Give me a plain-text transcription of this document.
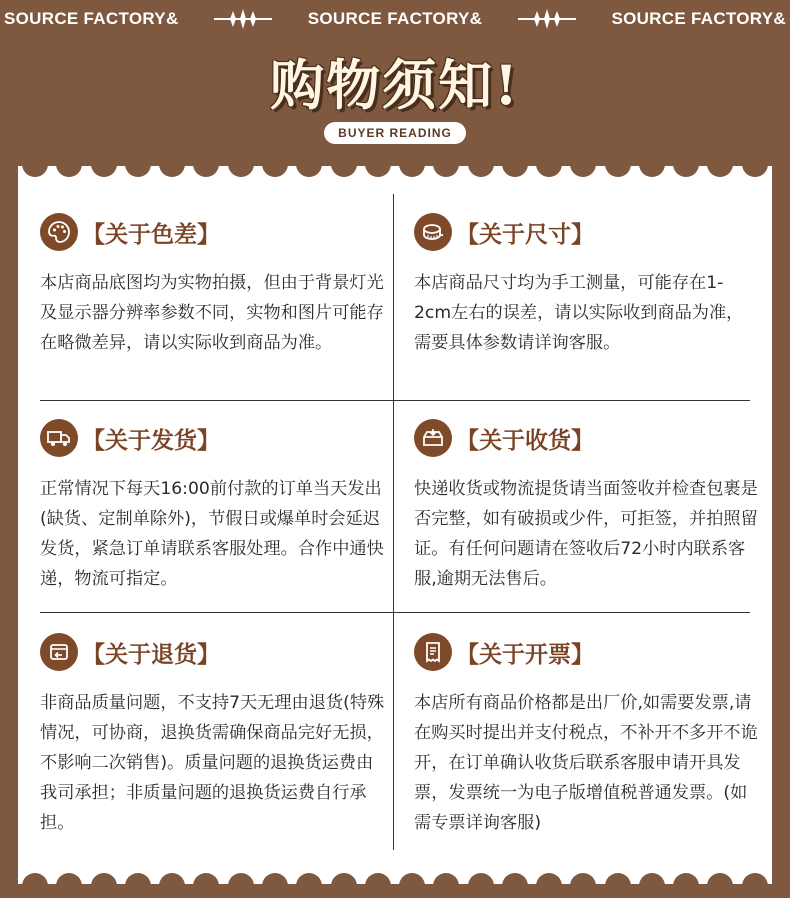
SOURCE FACTORY&	SOURCE FACTORY&	SOURCE FACTORY&
购物须知!
BUYER READING
【关于色差】
本店商品底图均为实物拍摄，但由于背景灯光及显示器分辨率参数不同，实物和图片可能存在略微差异，请以实际收到商品为准。
【关于尺寸】
本店商品尺寸均为手工测量，可能存在1-2cm左右的误差，请以实际收到商品为准，需要具体参数请详询客服。
【关于发货】
正常情况下每天16:00前付款的订单当天发出(缺货、定制单除外)，节假日或爆单时会延迟发货，紧急订单请联系客服处理。合作中通快递，物流可指定。
【关于收货】
快递收货或物流提货请当面签收并检查包裹是否完整，如有破损或少件，可拒签，并拍照留证。有任何问题请在签收后72小时内联系客服,逾期无法售后。
【关于退货】
非商品质量问题，不支持7天无理由退货(特殊情况，可协商，退换货需确保商品完好无损，不影响二次销售)。质量问题的退换货运费由我司承担；非质量问题的退换货运费自行承担。
【关于开票】
本店所有商品价格都是出厂价,如需要发票,请在购买时提出并支付税点，不补开不多开不诡开，在订单确认收货后联系客服申请开具发票，发票统一为电子版增值税普通发票。(如需专票详询客服)
